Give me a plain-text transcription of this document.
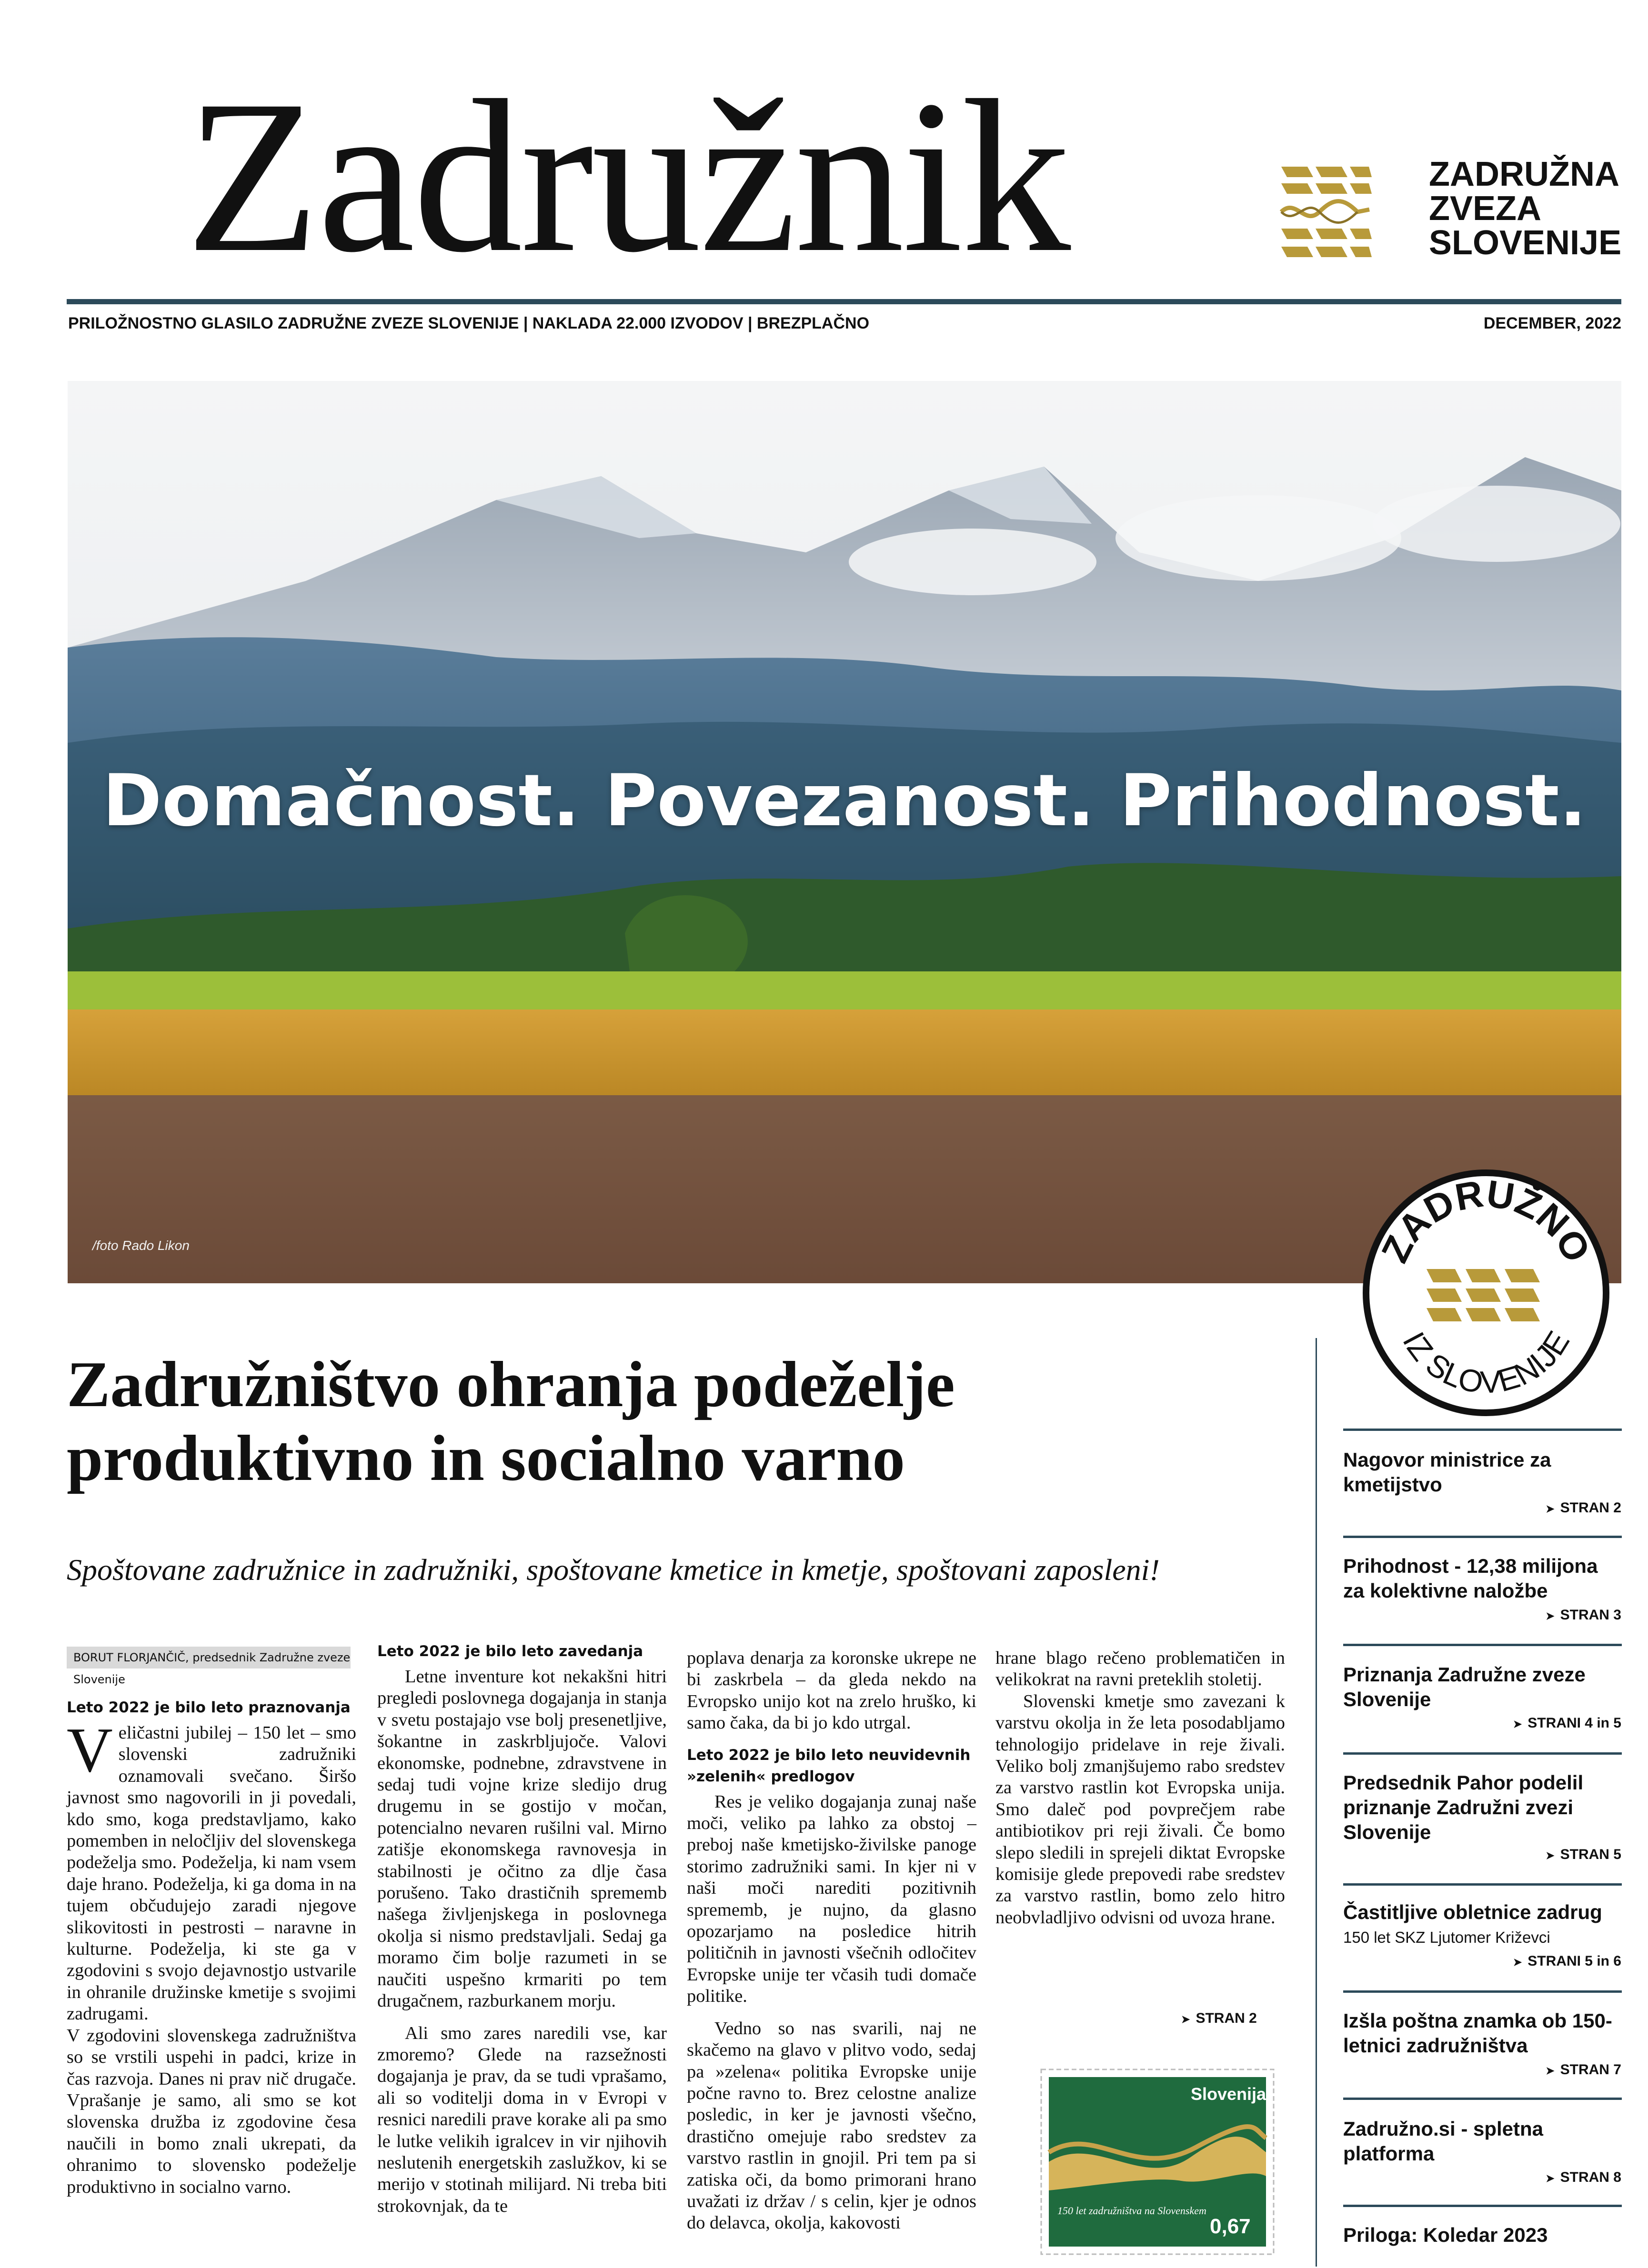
Zadružnik	ZADRUŽNA
ZVEZA
SLOVENIJE
PRILOŽNOSTNO GLASILO ZADRUŽNE ZVEZE SLOVENIJE | NAKLADA 22.000 IZVODOV | BREZPLAČNO	DECEMBER, 2022
Domačnost. Povezanost. Prihodnost.
/foto Rado Likon	ZADRUŽNO
IZ SLOVENIJE
Zadružništvo ohranja podeželje
produktivno in socialno varno
Spoštovane zadružnice in zadružniki, spoštovane kmetice in kmetje, spoštovani zaposleni!
Nagovor ministrice za kmetijstvo
➤ STRAN 2
Prihodnost - 12,38 milijona za kolektivne naložbe
➤ STRAN 3
Priznanja Zadružne zveze Slovenije
➤ STRANI 4 in 5
Predsednik Pahor podelil priznanje Zadružni zvezi Slovenije
➤ STRAN 5
Častitljive obletnice zadrug
150 let SKZ Ljutomer Križevci
➤ STRANI 5 in 6
Izšla poštna znamka ob 150-letnici zadružništva
➤ STRAN 7
Zadružno.si - spletna platforma
➤ STRAN 8
Priloga: Koledar 2023
BORUT FLORJANČIČ, predsednik Zadružne zveze Slovenije

Leto 2022 je bilo leto praznovanja

Veličastni jubilej – 150 let – smo slovenski zadružniki oznamovali svečano. Širšo javnost smo nagovorili in ji povedali, kdo smo, koga predstavljamo, kako pomemben in neločljiv del slovenskega podeželja smo. Podeželja, ki nam vsem daje hrano. Podeželja, ki ga doma in na tujem občudujejo zaradi njegove slikovitosti in pestrosti – naravne in kulturne. Podeželja, ki ste ga v zgodovini s svojo dejavnostjo ustvarile in ohranile družinske kmetije s svojimi zadrugami.

V zgodovini slovenskega zadružništva so se vrstili uspehi in padci, krize in čas razvoja. Danes ni prav nič drugače. Vprašanje je samo, ali smo se kot slovenska družba iz zgodovine česa naučili in bomo znali ukrepati, da ohranimo to slovensko podeželje produktivno in socialno varno.

Leto 2022 je bilo leto zavedanja

Letne inventure kot nekakšni hitri pregledi poslovnega dogajanja in stanja v svetu postajajo vse bolj presenetljive, šokantne in zaskrbljujoče. Valovi ekonomske, podnebne, zdravstvene in sedaj tudi vojne krize sledijo drug drugemu in se gostijo v močan, potencialno nevaren rušilni val. Mirno zatišje ekonomskega ravnovesja in stabilnosti je očitno za dlje časa porušeno. Tako drastičnih sprememb našega življenjskega in poslovnega okolja si nismo predstavljali. Sedaj ga moramo čim bolje razumeti in se naučiti uspešno krmariti po tem drugačnem, razburkanem morju.

Ali smo zares naredili vse, kar zmoremo? Glede na razsežnosti dogajanja je prav, da se tudi vprašamo, ali so voditelji doma in v Evropi v resnici naredili prave korake ali pa smo le lutke velikih igralcev in vir njihovih neslutenih energetskih zaslužkov, ki se merijo v stotinah milijard. Ni treba biti strokovnjak, da te

poplava denarja za koronske ukrepe ne bi zaskrbela – da gleda nekdo na Evropsko unijo kot na zrelo hruško, ki samo čaka, da bi jo kdo utrgal.

Leto 2022 je bilo leto neuvidevnih »zelenih« predlogov

Res je veliko dogajanja zunaj naše moči, veliko pa lahko za obstoj – preboj naše kmetijsko-živilske panoge storimo zadružniki sami. In kjer ni v naši moči narediti pozitivnih sprememb, je nujno, da glasno opozarjamo na posledice hitrih političnih in javnosti všečnih odločitev Evropske unije ter včasih tudi domače politike.

Vedno so nas svarili, naj ne skačemo na glavo v plitvo vodo, sedaj pa »zelena« politika Evropske unije počne ravno to. Brez celostne analize posledic, in ker je javnosti všečno, drastično omejuje rabo sredstev za varstvo rastlin in gnojil. Pri tem pa si zatiska oči, da bomo primorani hrano uvažati iz držav / s celin, kjer je odnos do delavca, okolja, kakovosti

hrane blago rečeno problematičen in velikokrat na ravni preteklih stoletij.

Slovenski kmetje smo zavezani k varstvu okolja in že leta posodabljamo tehnologijo pridelave in reje živali. Veliko bolj zmanjšujemo rabo sredstev za varstvo rastlin kot Evropska unija. Smo daleč pod povprečjem rabe antibiotikov pri reji živali. Če bomo slepo sledili in sprejeli diktat Evropske komisije glede prepovedi rabe sredstev za varstvo rastlin, bomo zelo hitro neobvladljivo odvisni od uvoza hrane.

➤ STRAN 2
Slovenija
150 let zadružništva na Slovenskem
0,67
